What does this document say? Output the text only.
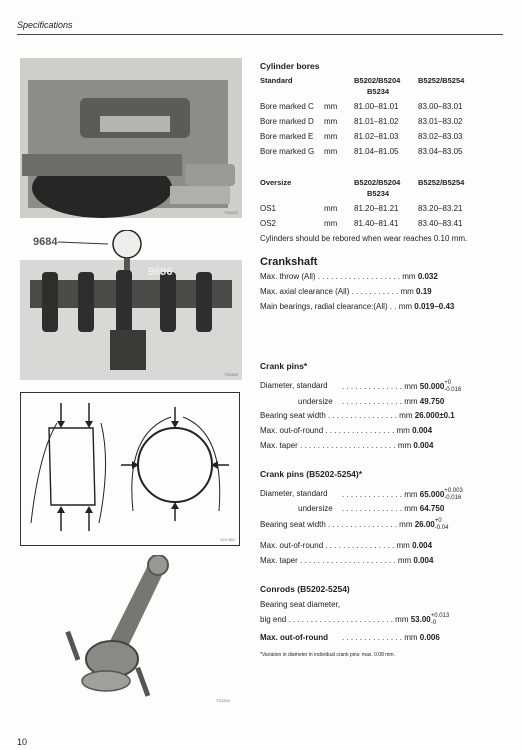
Specifications
TS2633
9684
9696
TS2850
12X 862
TS2654
Cylinder bores
Standard	B5202/B5204 B5252/B5254
B5234
Bore marked C mm 81.00–81.01 83.00–83.01
Bore marked D mm 81.01–81.02 83.01–83.02
Bore marked E mm 81.02–81.03 83.02–83.03
Bore marked G mm 81.04–81.05 83.04–83.05
Oversize	B5202/B5204 B5252/B5254
B5234
OS1	mm 81.20–81.21 83.20–83.21
OS2	mm 81.40–81.41 83.40–83.41
Cylinders should be rebored when wear reaches 0.10 mm.
Crankshaft
Max. throw (All) . . . . . . . . . . . . . . . . . . . mm 0.032
Max. axial clearance (All) . . . . . . . . . . . mm 0.19
Main bearings, radial clearance:(All) . . mm 0.019–0.43
Crank pins*
Diameter, standard . . . . . . . . . . . . . . mm 50.000 +0
-0.016
undersize . . . . . . . . . . . . . . mm 49.750
Bearing seat width . . . . . . . . . . . . . . . . mm 26.000±0.1
Max. out-of-round . . . . . . . . . . . . . . . . mm 0.004
Max. taper . . . . . . . . . . . . . . . . . . . . . . mm 0.004
Crank pins (B5202-5254)*
Diameter, standard . . . . . . . . . . . . . . mm 65.000 +0.003
-0.016
undersize . . . . . . . . . . . . . . mm 64.750
Bearing seat width . . . . . . . . . . . . . . . . mm 26.00 +0
-0.04
Max. out-of-round . . . . . . . . . . . . . . . . mm 0.004
Max. taper . . . . . . . . . . . . . . . . . . . . . . mm 0.004
Conrods (B5202-5254)
Bearing seat diameter,
big end . . . . . . . . . . . . . . . . . . . . . . . . mm 53.00 +0.013
-0
Max. out-of-round . . . . . . . . . . . . . . mm 0.006
*Variation in diameter in individual crank pins: max. 0.08 mm.
10
